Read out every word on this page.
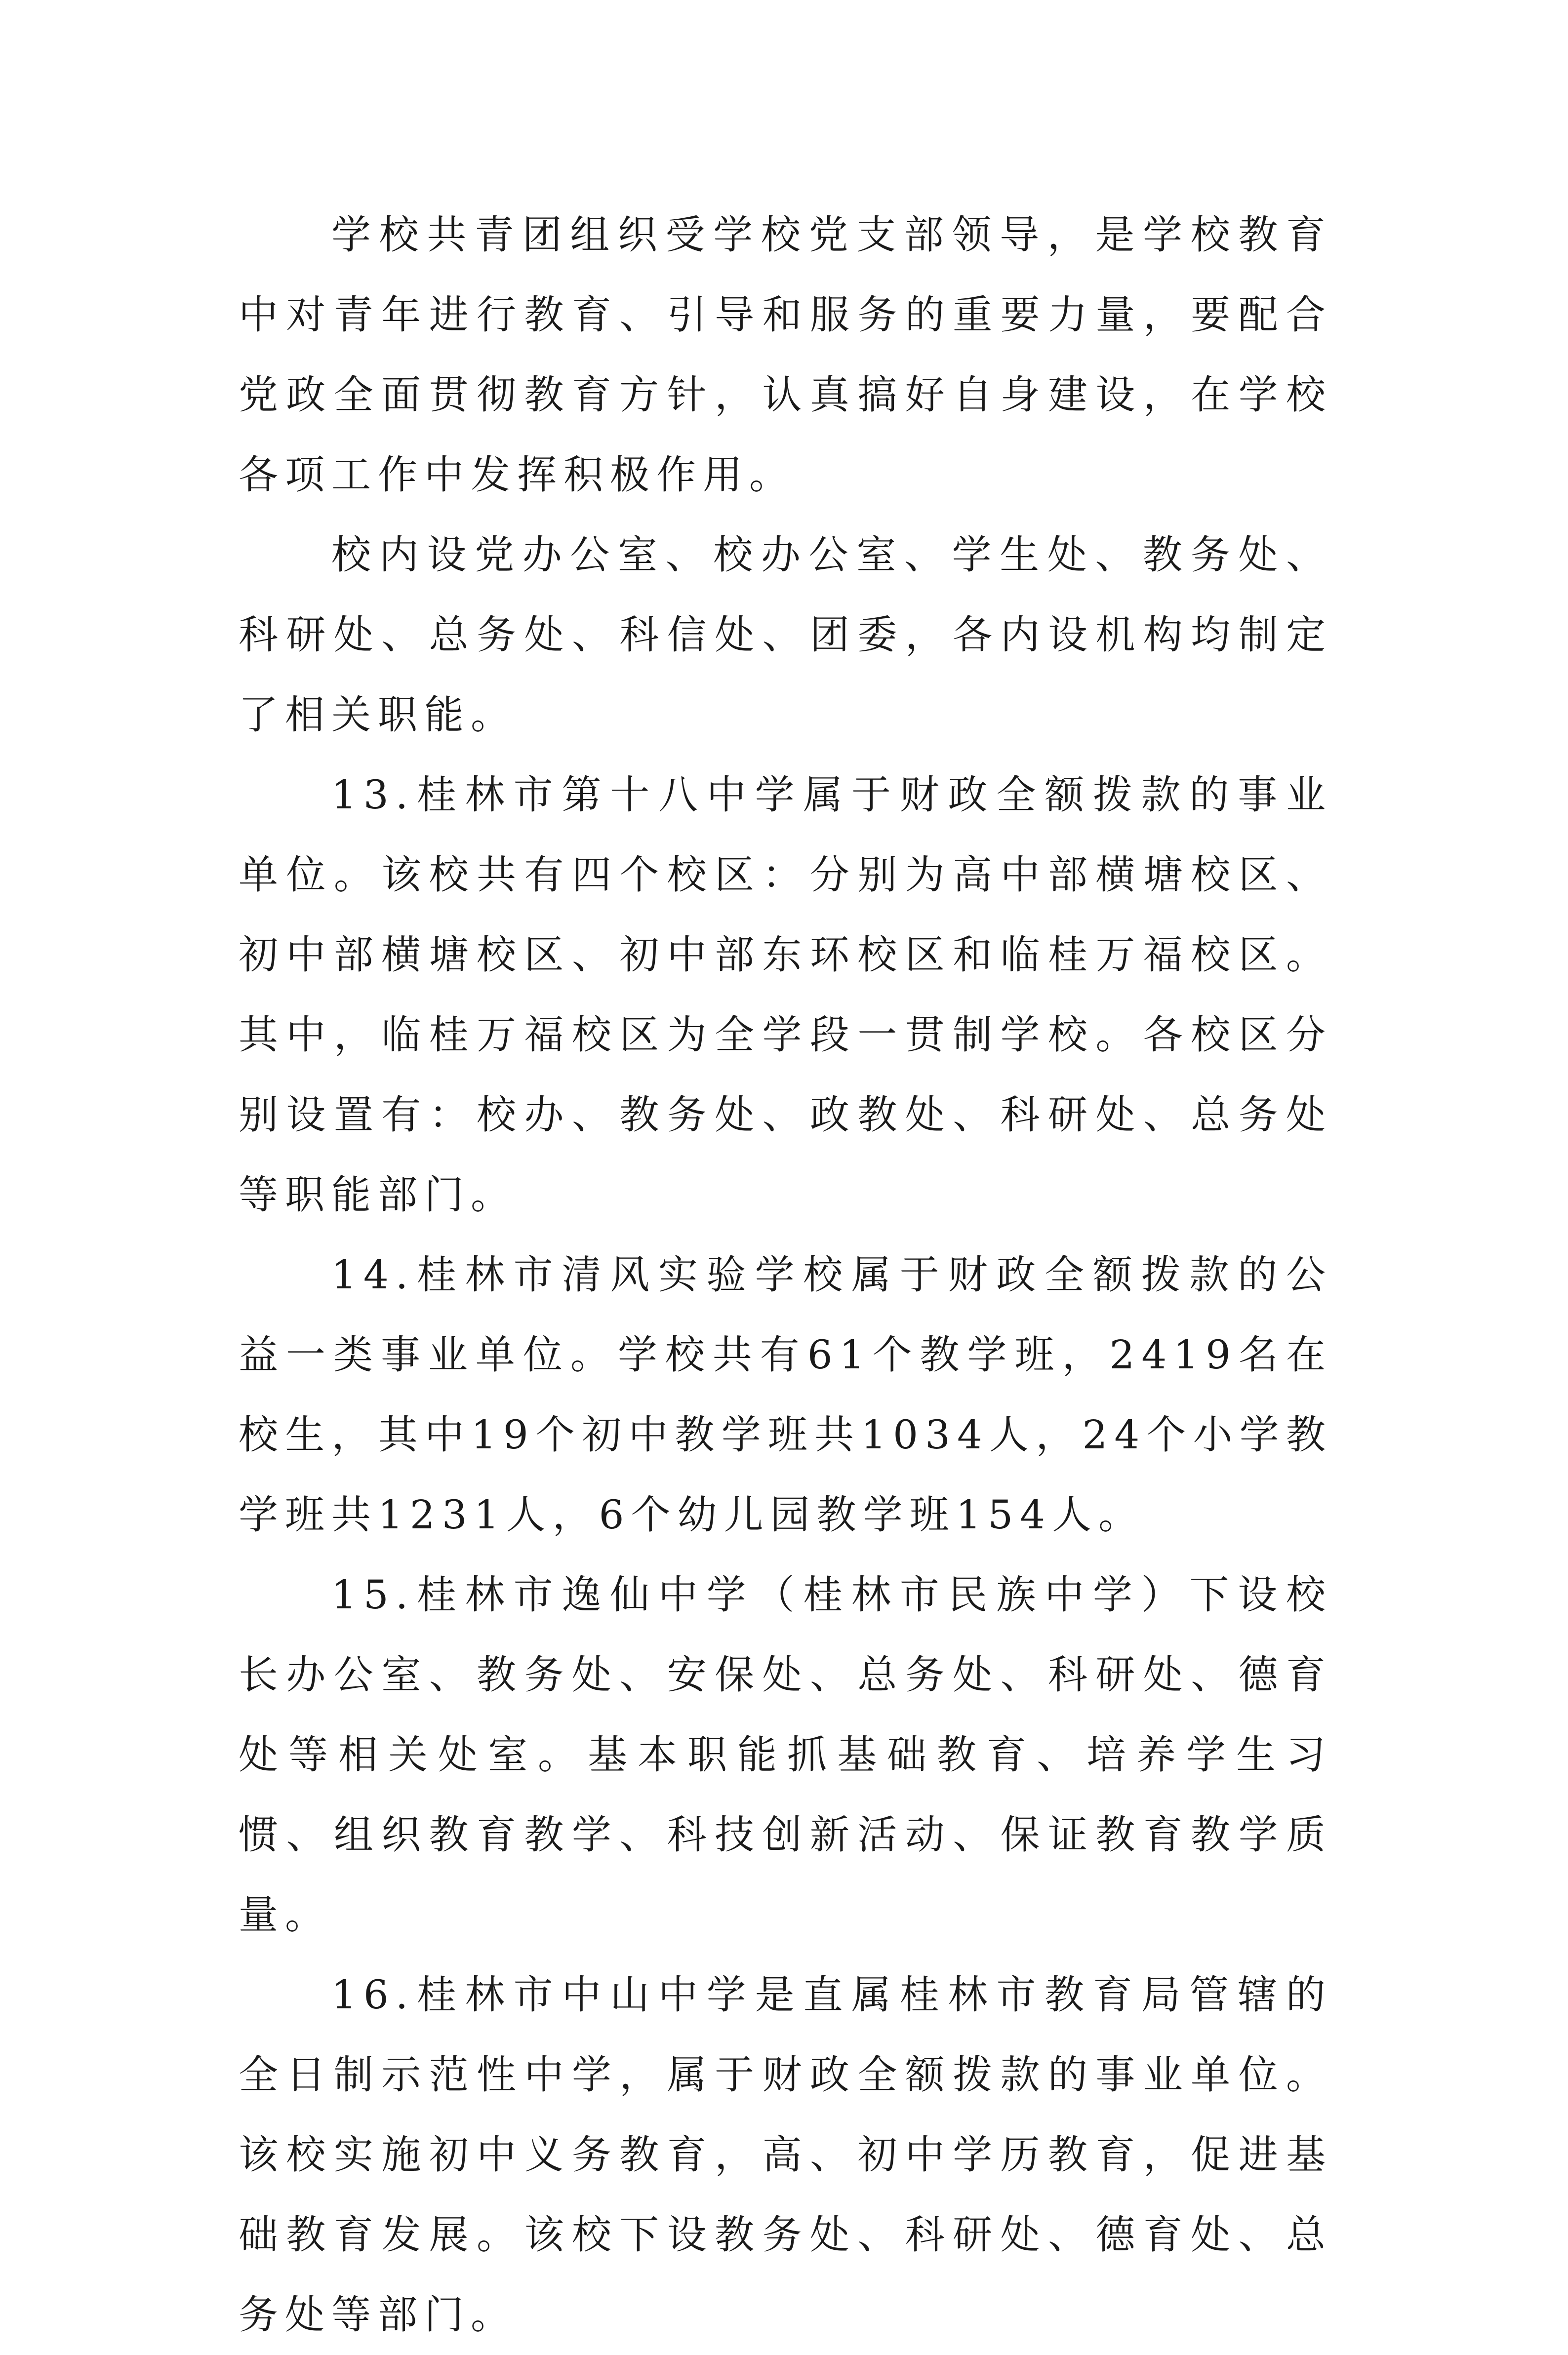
学校共青团组织受学校党支部领导，是学校教育中对青年进行教育、引导和服务的重要力量，要配合党政全面贯彻教育方针，认真搞好自身建设，在学校各项工作中发挥积极作用。

校内设党办公室、校办公室、学生处、教务处、科研处、总务处、科信处、团委，各内设机构均制定了相关职能。

13.桂林市第十八中学属于财政全额拨款的事业单位。该校共有四个校区：分别为高中部横塘校区、初中部横塘校区、初中部东环校区和临桂万福校区。其中，临桂万福校区为全学段一贯制学校。各校区分别设置有：校办、教务处、政教处、科研处、总务处等职能部门。

14.桂林市清风实验学校属于财政全额拨款的公益一类事业单位。学校共有61个教学班，2419名在校生，其中19个初中教学班共1034人，24个小学教学班共1231人，6个幼儿园教学班154人。

15.桂林市逸仙中学（桂林市民族中学）下设校长办公室、教务处、安保处、总务处、科研处、德育处等相关处室。基本职能抓基础教育、培养学生习惯、组织教育教学、科技创新活动、保证教育教学质量。

16.桂林市中山中学是直属桂林市教育局管辖的全日制示范性中学，属于财政全额拨款的事业单位。该校实施初中义务教育，高、初中学历教育，促进基础教育发展。该校下设教务处、科研处、德育处、总务处等部门。
